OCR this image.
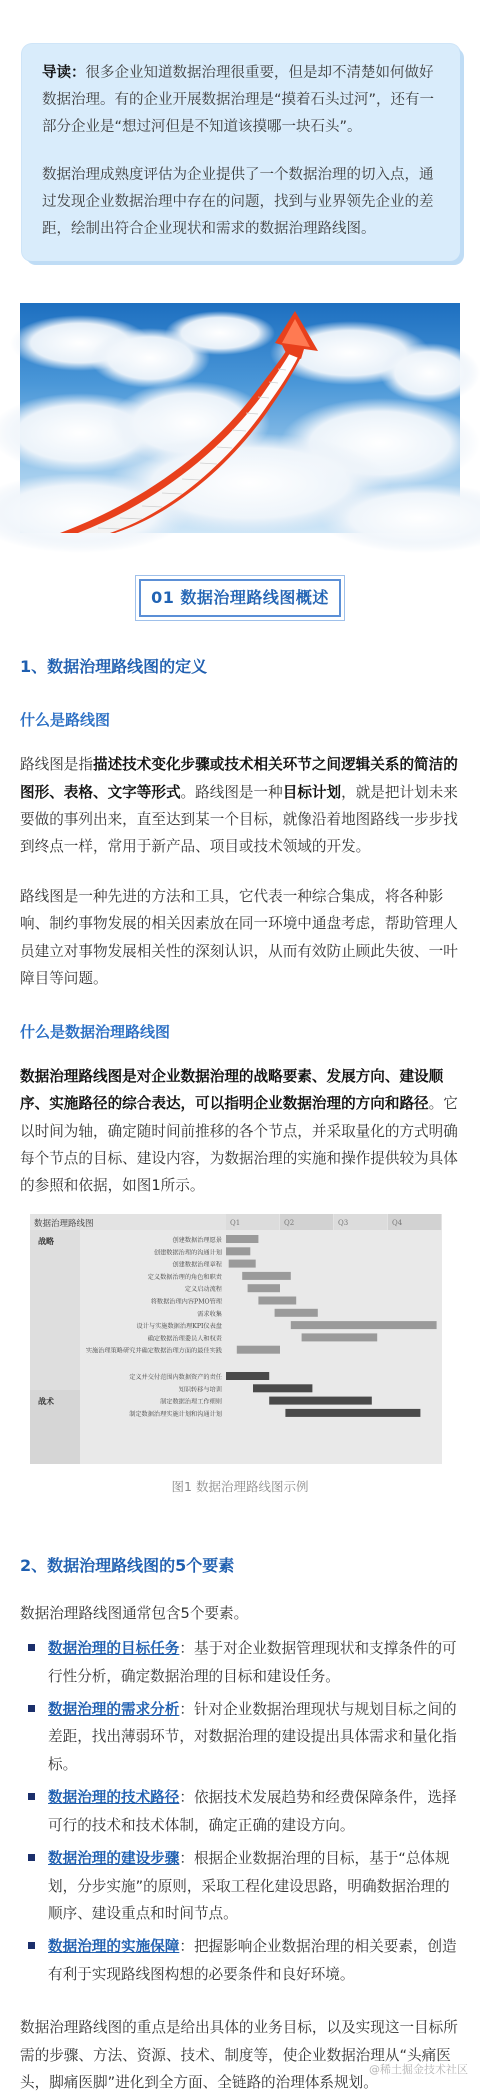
导读：很多企业知道数据治理很重要，但是却不清楚如何做好数据治理。有的企业开展数据治理是“摸着石头过河”，还有一部分企业是“想过河但是不知道该摸哪一块石头”。

数据治理成熟度评估为企业提供了一个数据治理的切入点，通过发现企业数据治理中存在的问题，找到与业界领先企业的差距，绘制出符合企业现状和需求的数据治理路线图。

01 数据治理路线图概述
1、数据治理路线图的定义
什么是路线图

路线图是指描述技术变化步骤或技术相关环节之间逻辑关系的简洁的图形、表格、文字等形式。路线图是一种目标计划，就是把计划未来要做的事列出来，直至达到某一个目标，就像沿着地图路线一步步找到终点一样，常用于新产品、项目或技术领域的开发。

路线图是一种先进的方法和工具，它代表一种综合集成，将各种影响、制约事物发展的相关因素放在同一环境中通盘考虑，帮助管理人员建立对事物发展相关性的深刻认识，从而有效防止顾此失彼、一叶障目等问题。

什么是数据治理路线图

数据治理路线图是对企业数据治理的战略要素、发展方向、建设顺序、实施路径的综合表达，可以指明企业数据治理的方向和路径。它以时间为轴，确定随时间前推移的各个节点，并采取量化的方式明确每个节点的目标、建设内容，为数据治理的实施和操作提供较为具体的参照和依据，如图1所示。

数据治理路线图	Q1	Q2	Q3	Q4
战略
战术
创建数据治理愿景
创建数据治理的沟通计划
创建数据治理章程
定义数据治理的角色和职责
定义启动流程
将数据治理内容PMO管理
需求收集
设计与实施数据治理KPI仪表盘
确定数据治理委员人和权责
实施治理策略研究并确定数据治理方面的最佳实践
定义并交付范围内数据资产的责任
知识转移与培训
制定数据治理工作细则
制定数据治理实施计划和沟通计划
图1 数据治理路线图示例
2、数据治理路线图的5个要素

数据治理路线图通常包含5个要素。

数据治理的目标任务：基于对企业数据管理现状和支撑条件的可行性分析，确定数据治理的目标和建设任务。
数据治理的需求分析：针对企业数据治理现状与规划目标之间的差距，找出薄弱环节，对数据治理的建设提出具体需求和量化指标。
数据治理的技术路径：依据技术发展趋势和经费保障条件，选择可行的技术和技术体制，确定正确的建设方向。
数据治理的建设步骤：根据企业数据治理的目标，基于“总体规划，分步实施”的原则，采取工程化建设思路，明确数据治理的顺序、建设重点和时间节点。
数据治理的实施保障：把握影响企业数据治理的相关要素，创造有利于实现路线图构想的必要条件和良好环境。

数据治理路线图的重点是给出具体的业务目标，以及实现这一目标所需的步骤、方法、资源、技术、制度等，使企业数据治理从“头痛医头，脚痛医脚”进化到全方面、全链路的治理体系规划。

@稀土掘金技术社区
